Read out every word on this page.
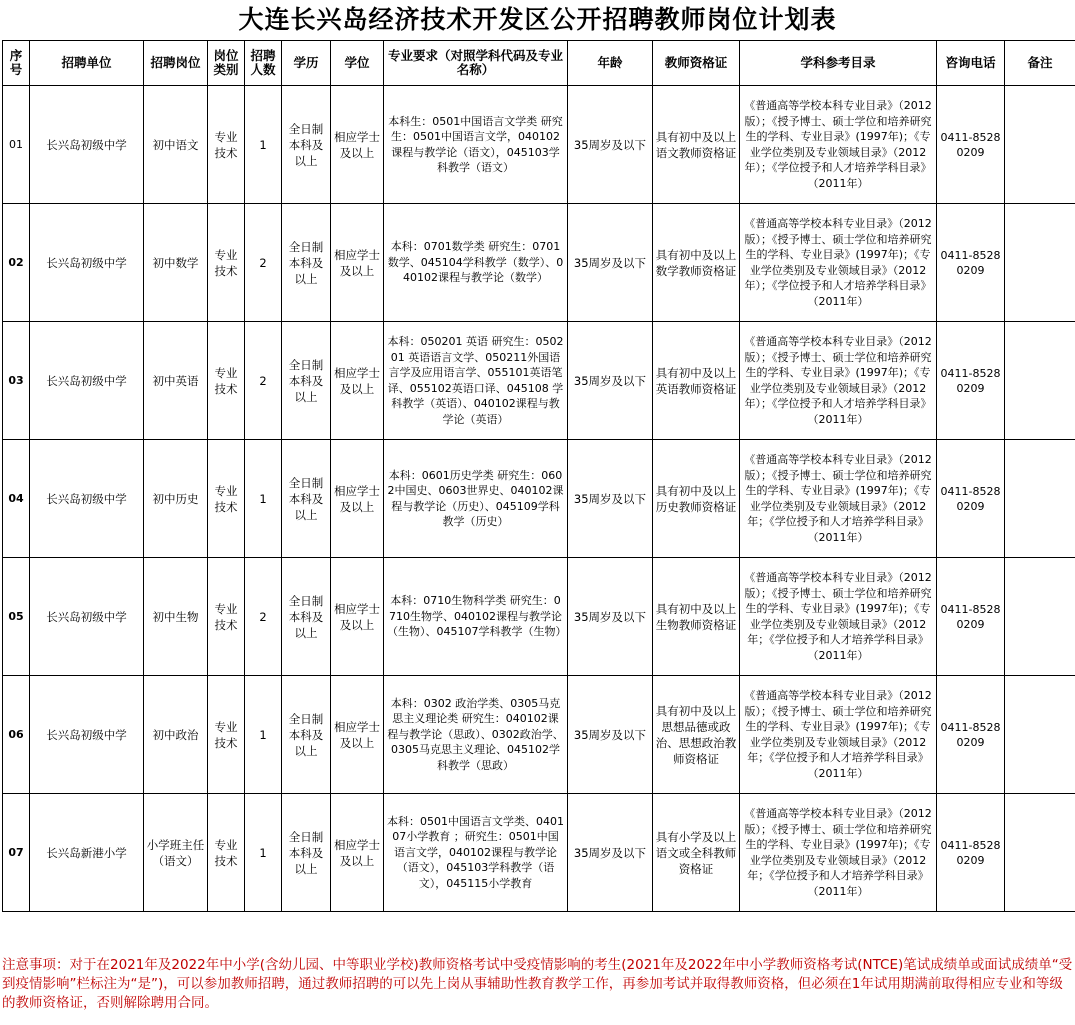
大连长兴岛经济技术开发区公开招聘教师岗位计划表
序号	招聘单位	招聘岗位	岗位类别	招聘人数	学历	学位	专业要求（对照学科代码及专业名称）	年龄	教师资格证	学科参考目录	咨询电话	备注
01	长兴岛初级中学	初中语文	专业技术	1	全日制本科及以上	相应学士及以上	本科生：0501中国语言文学类 研究生：0501中国语言文学，040102课程与教学论（语文），045103学科教学（语文）	35周岁及以下	具有初中及以上语文教师资格证	《普通高等学校本科专业目录》（2012版）；《授予博士、硕士学位和培养研究生的学科、专业目录》(1997年)；《专业学位类别及专业领域目录》（2012年）；《学位授予和人才培养学科目录》（2011年）	0411-85280209	
02	长兴岛初级中学	初中数学	专业技术	2	全日制本科及以上	相应学士及以上	本科：0701数学类 研究生：0701数学、045104学科教学（数学）、040102课程与教学论（数学）	35周岁及以下	具有初中及以上数学教师资格证	《普通高等学校本科专业目录》（2012版）；《授予博士、硕士学位和培养研究生的学科、专业目录》(1997年)；《专业学位类别及专业领域目录》（2012年）；《学位授予和人才培养学科目录》（2011年）	0411-85280209	
03	长兴岛初级中学	初中英语	专业技术	2	全日制本科及以上	相应学士及以上	本科：050201 英语 研究生：050201 英语语言文学、050211外国语言学及应用语言学、055101英语笔译、055102英语口译、045108 学科教学（英语）、040102课程与教学论（英语）	35周岁及以下	具有初中及以上英语教师资格证	《普通高等学校本科专业目录》（2012版）；《授予博士、硕士学位和培养研究生的学科、专业目录》(1997年)；《专业学位类别及专业领域目录》（2012年）；《学位授予和人才培养学科目录》（2011年）	0411-85280209	
04	长兴岛初级中学	初中历史	专业技术	1	全日制本科及以上	相应学士及以上	本科：0601历史学类 研究生：0602中国史、0603世界史、040102课程与教学论（历史）、045109学科教学（历史）	35周岁及以下	具有初中及以上历史教师资格证	《普通高等学校本科专业目录》（2012版）；《授予博士、硕士学位和培养研究生的学科、专业目录》(1997年)；《专业学位类别及专业领域目录》（2012年；《学位授予和人才培养学科目录》（2011年）	0411-85280209	
05	长兴岛初级中学	初中生物	专业技术	2	全日制本科及以上	相应学士及以上	本科：0710生物科学类 研究生：0710生物学、040102课程与教学论（生物）、045107学科教学（生物）	35周岁及以下	具有初中及以上生物教师资格证	《普通高等学校本科专业目录》（2012版）；《授予博士、硕士学位和培养研究生的学科、专业目录》(1997年)；《专业学位类别及专业领域目录》（2012年；《学位授予和人才培养学科目录》（2011年）	0411-85280209	
06	长兴岛初级中学	初中政治	专业技术	1	全日制本科及以上	相应学士及以上	本科：0302 政治学类、0305马克思主义理论类 研究生：040102课程与教学论（思政）、0302政治学、0305马克思主义理论、045102学科教学（思政）	35周岁及以下	具有初中及以上思想品德或政治、思想政治教师资格证	《普通高等学校本科专业目录》（2012版）；《授予博士、硕士学位和培养研究生的学科、专业目录》(1997年)；《专业学位类别及专业领域目录》（2012年；《学位授予和人才培养学科目录》（2011年）	0411-85280209	
07	长兴岛新港小学	小学班主任（语文）	专业技术	1	全日制本科及以上	相应学士及以上	本科：0501中国语言文学类、040107小学教育 ；研究生：0501中国语言文学，040102课程与教学论（语文），045103学科教学（语文），045115小学教育	35周岁及以下	具有小学及以上语文或全科教师资格证	《普通高等学校本科专业目录》（2012版）；《授予博士、硕士学位和培养研究生的学科、专业目录》(1997年)；《专业学位类别及专业领域目录》（2012年；《学位授予和人才培养学科目录》（2011年）	0411-85280209	
注意事项：对于在2021年及2022年中小学(含幼儿园、中等职业学校)教师资格考试中受疫情影响的考生(2021年及2022年中小学教师资格考试(NTCE)笔试成绩单或面试成绩单“受到疫情影响”栏标注为“是”)，可以参加教师招聘，通过教师招聘的可以先上岗从事辅助性教育教学工作，再参加考试并取得教师资格，但必须在1年试用期满前取得相应专业和等级的教师资格证，否则解除聘用合同。
